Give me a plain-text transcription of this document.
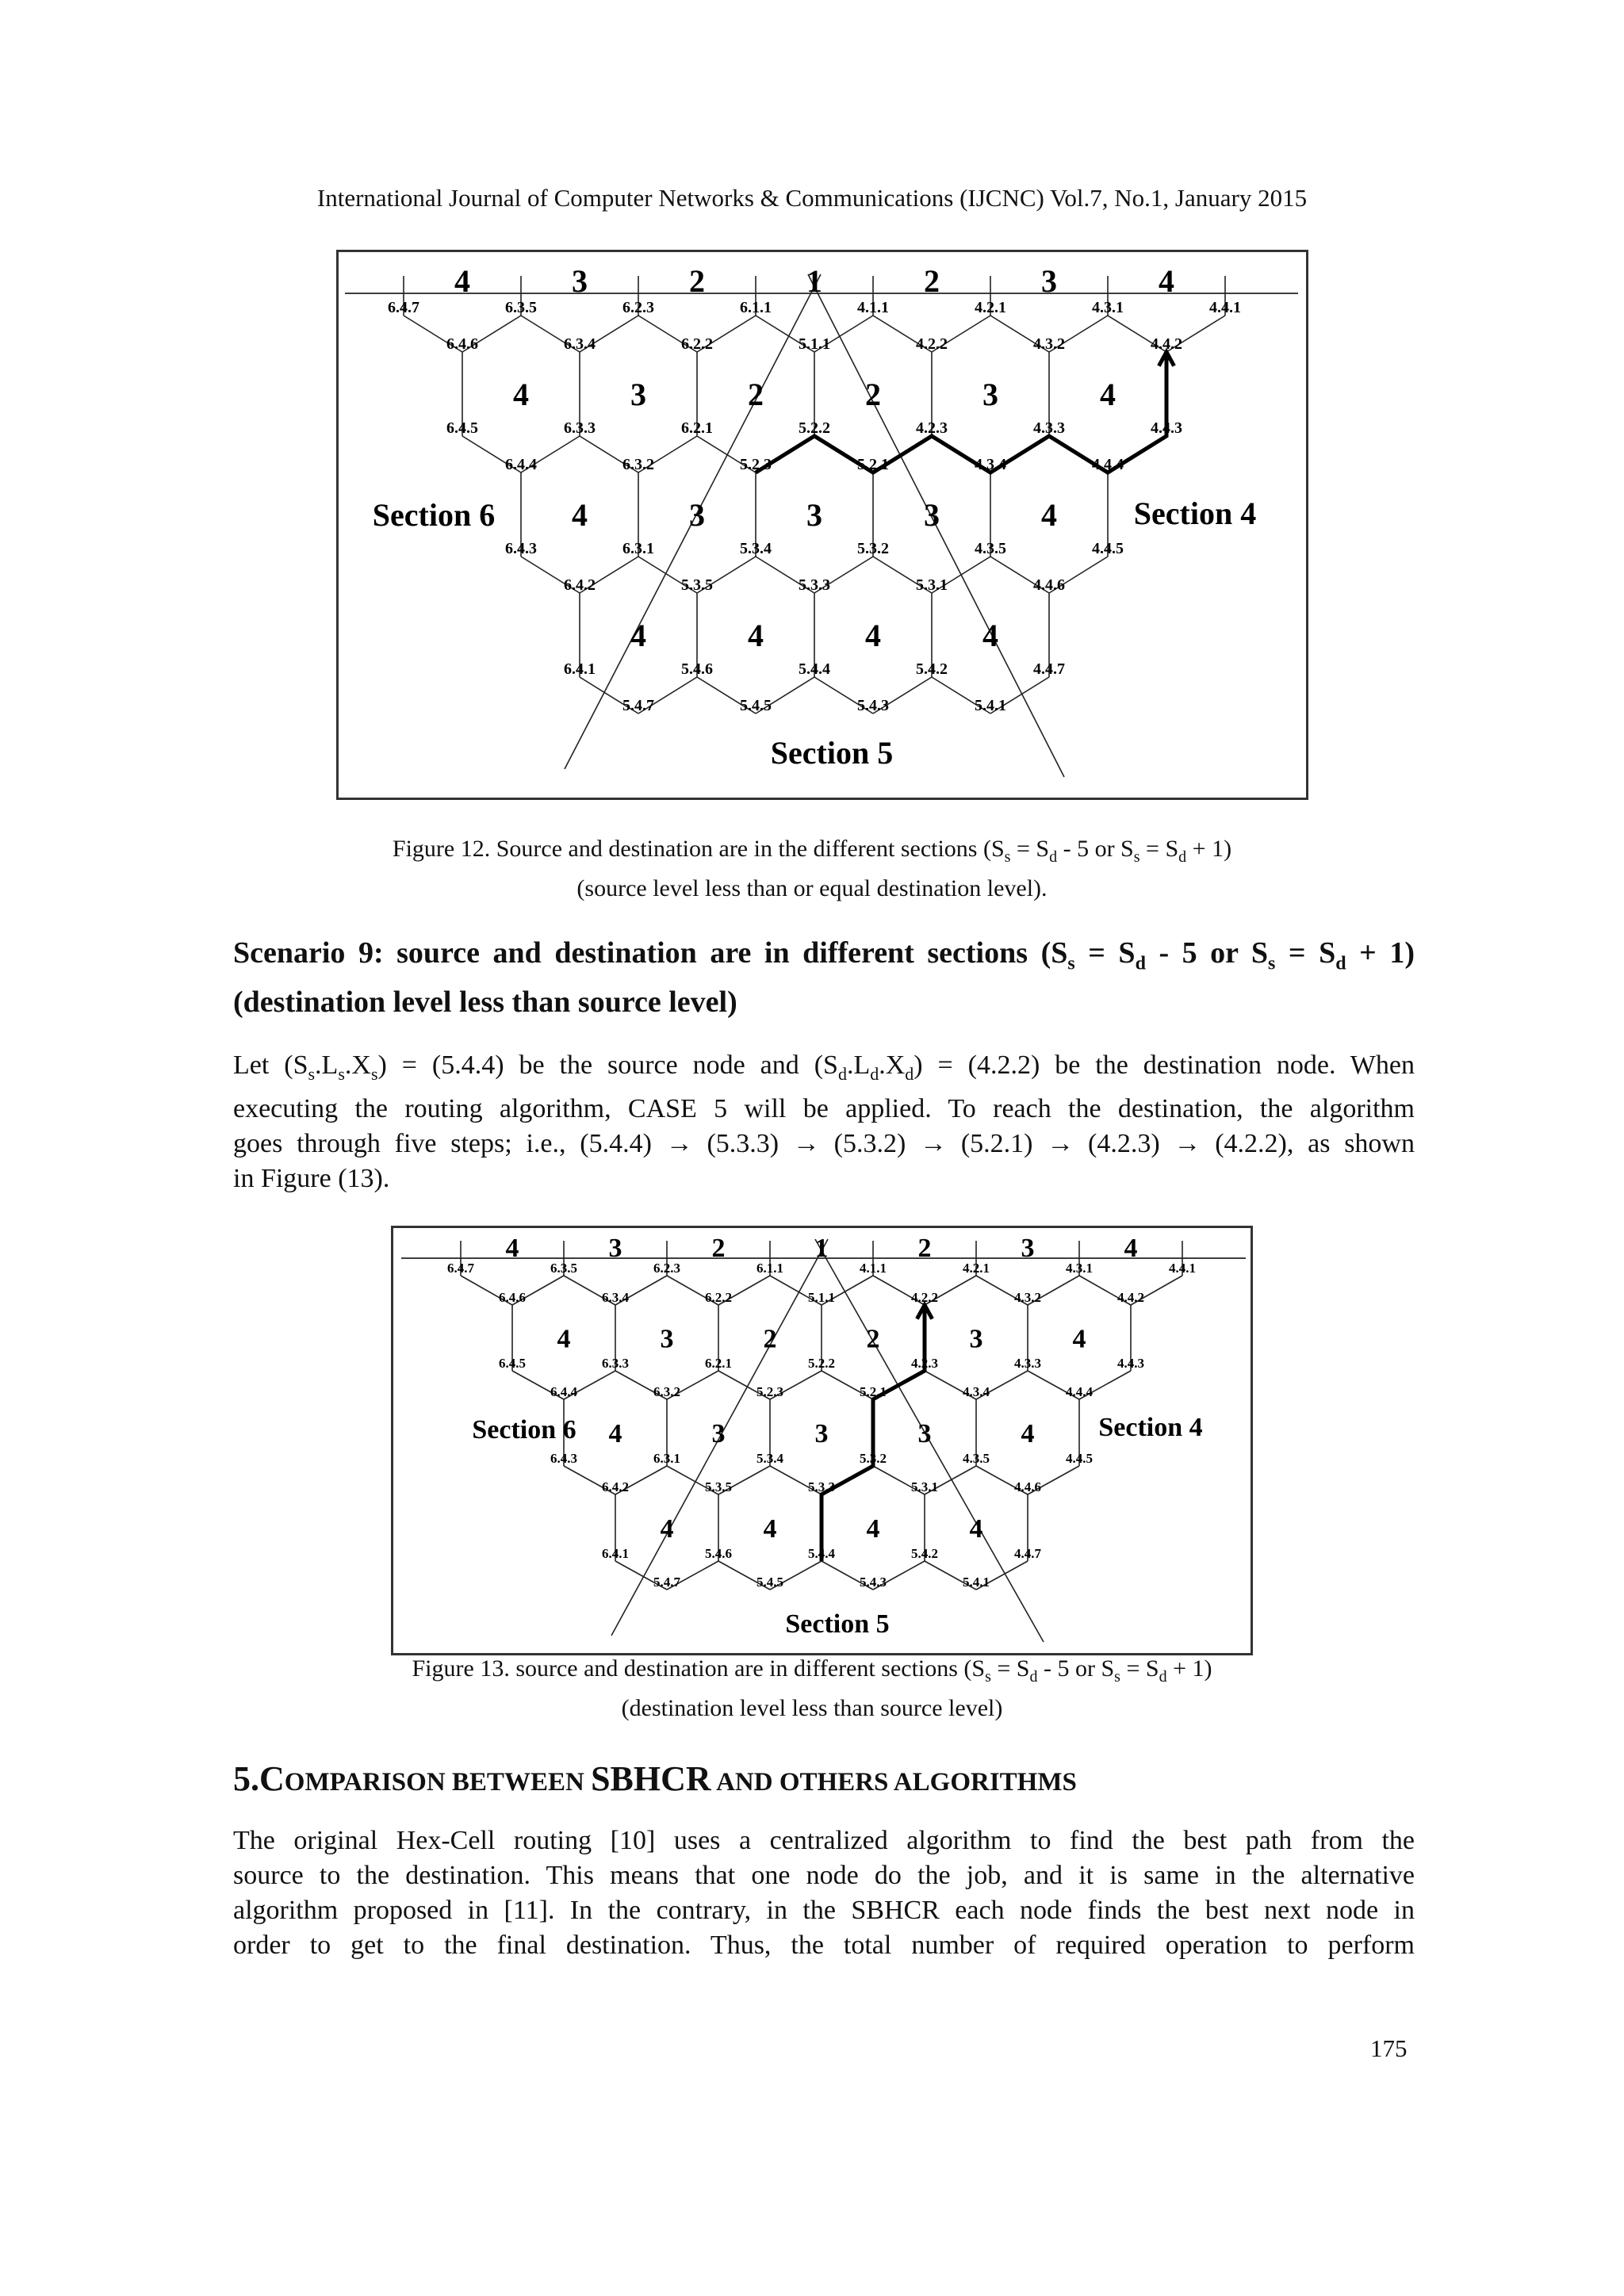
International Journal of Computer Networks & Communications (IJCNC) Vol.7, No.1, January 2015
4	3	2	1	2	3	4
4	3	2	2	3	4
4	3	3	3	4
4	4	4	4
Section 6	Section 4
Section 5
6.4.7	6.3.5	6.2.3	6.1.1	4.1.1	4.2.1	4.3.1	4.4.1
6.4.6	6.3.4	6.2.2	5.1.1	4.2.2	4.3.2	4.4.2
6.4.5	6.3.3	6.2.1	5.2.2	4.2.3	4.3.3	4.4.3
6.4.4	6.3.2	5.2.3	5.2.1	4.3.4	4.4.4
6.4.3	6.3.1	5.3.4	5.3.2	4.3.5	4.4.5
6.4.2	5.3.5	5.3.3	5.3.1	4.4.6
6.4.1	5.4.6	5.4.4	5.4.2	4.4.7
5.4.7	5.4.5	5.4.3	5.4.1
Figure 12. Source and destination are in the different sections ($S_s = S_d - 5$ or $S_s = S_d + 1$)
(source level less than or equal destination level).
Scenario 9: source and destination are in different sections ($S_s = S_d - 5$ or $S_s = S_d + 1$)
(destination level less than source level)
Let $(S_s.L_s.X_s) = (5.4.4)$ be the source node and $(S_d.L_d.X_d) = (4.2.2)$ be the destination node. When
executing the routing algorithm, CASE 5 will be applied. To reach the destination, the algorithm
goes through five steps; i.e., (5.4.4) → (5.3.3) → (5.3.2) → (5.2.1) → (4.2.3) → (4.2.2), as shown
in Figure (13).
4	3	2	1	2	3	4
4	3	2	2	3	4
4	3	3	3	4
4	4	4	4
Section 6	Section 4
Section 5
6.4.7	6.3.5	6.2.3	6.1.1	4.1.1	4.2.1	4.3.1	4.4.1
6.4.6	6.3.4	6.2.2	5.1.1	4.2.2	4.3.2	4.4.2
6.4.5	6.3.3	6.2.1	5.2.2	4.2.3	4.3.3	4.4.3
6.4.4	6.3.2	5.2.3	5.2.1	4.3.4	4.4.4
6.4.3	6.3.1	5.3.4	5.3.2	4.3.5	4.4.5
6.4.2	5.3.5	5.3.3	5.3.1	4.4.6
6.4.1	5.4.6	5.4.4	5.4.2	4.4.7
5.4.7	5.4.5	5.4.3	5.4.1
Figure 13. source and destination are in different sections ($S_s = S_d - 5$ or $S_s = S_d + 1$)
(destination level less than source level)
5.COMPARISON BETWEEN SBHCR AND OTHERS ALGORITHMS
The original Hex-Cell routing [10] uses a centralized algorithm to find the best path from the
source to the destination. This means that one node do the job, and it is same in the alternative
algorithm proposed in [11]. In the contrary, in the SBHCR each node finds the best next node in
order to get to the final destination. Thus, the total number of required operation to perform
175
